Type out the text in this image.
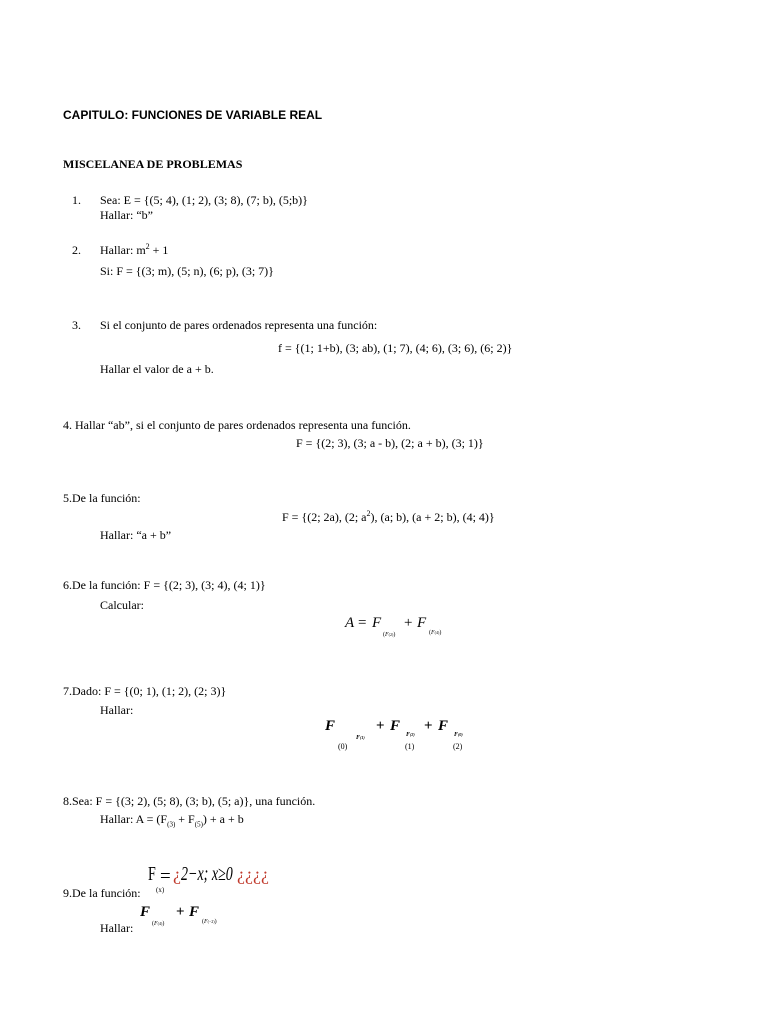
CAPITULO: FUNCIONES DE VARIABLE REAL
MISCELANEA DE PROBLEMAS
1. Sea: E = {(5; 4), (1; 2), (3; 8), (7; b), (5;b)}
Hallar: “b”
2. Hallar: $m^2 + 1$
Si: F = {(3; m), (5; n), (6; p), (3; 7)}
3. Si el conjunto de pares ordenados representa una función:
f = {(1; 1+b), (3; ab), (1; 7), (4; 6), (3; 6), (6; 2)}
Hallar el valor de a + b.
4. Hallar “ab”, si el conjunto de pares ordenados representa una función.
F = {(2; 3), (3; a - b), (2; a + b), (3; 1)}
5.De la función:
F = {(2; 2a), (2; $a^2$), (a; b), (a + 2; b), (4; 4)}
Hallar: “a + b”
6.De la función: F = {(2; 3), (3; 4), (4; 1)}
Calcular:
A = F + F
(F(2))	(F(4))
7.Dado: F = {(0; 1), (1; 2), (2; 3)}
Hallar:
F
F(1)
(0)
+ F
F(2)
(1)
+ F
F(0)
(2)
8.Sea: F = {(3; 2), (5; 8), (3; b), (5; a)}, una función.
Hallar: $A = (F_{(3)} + F_{(5)}) + a + b$
F = ¿ 2−x; x≥0 ¿¿¿¿
(x)
9.De la función:
Hallar:
F
(F(4))
+ F
(F(−2))
